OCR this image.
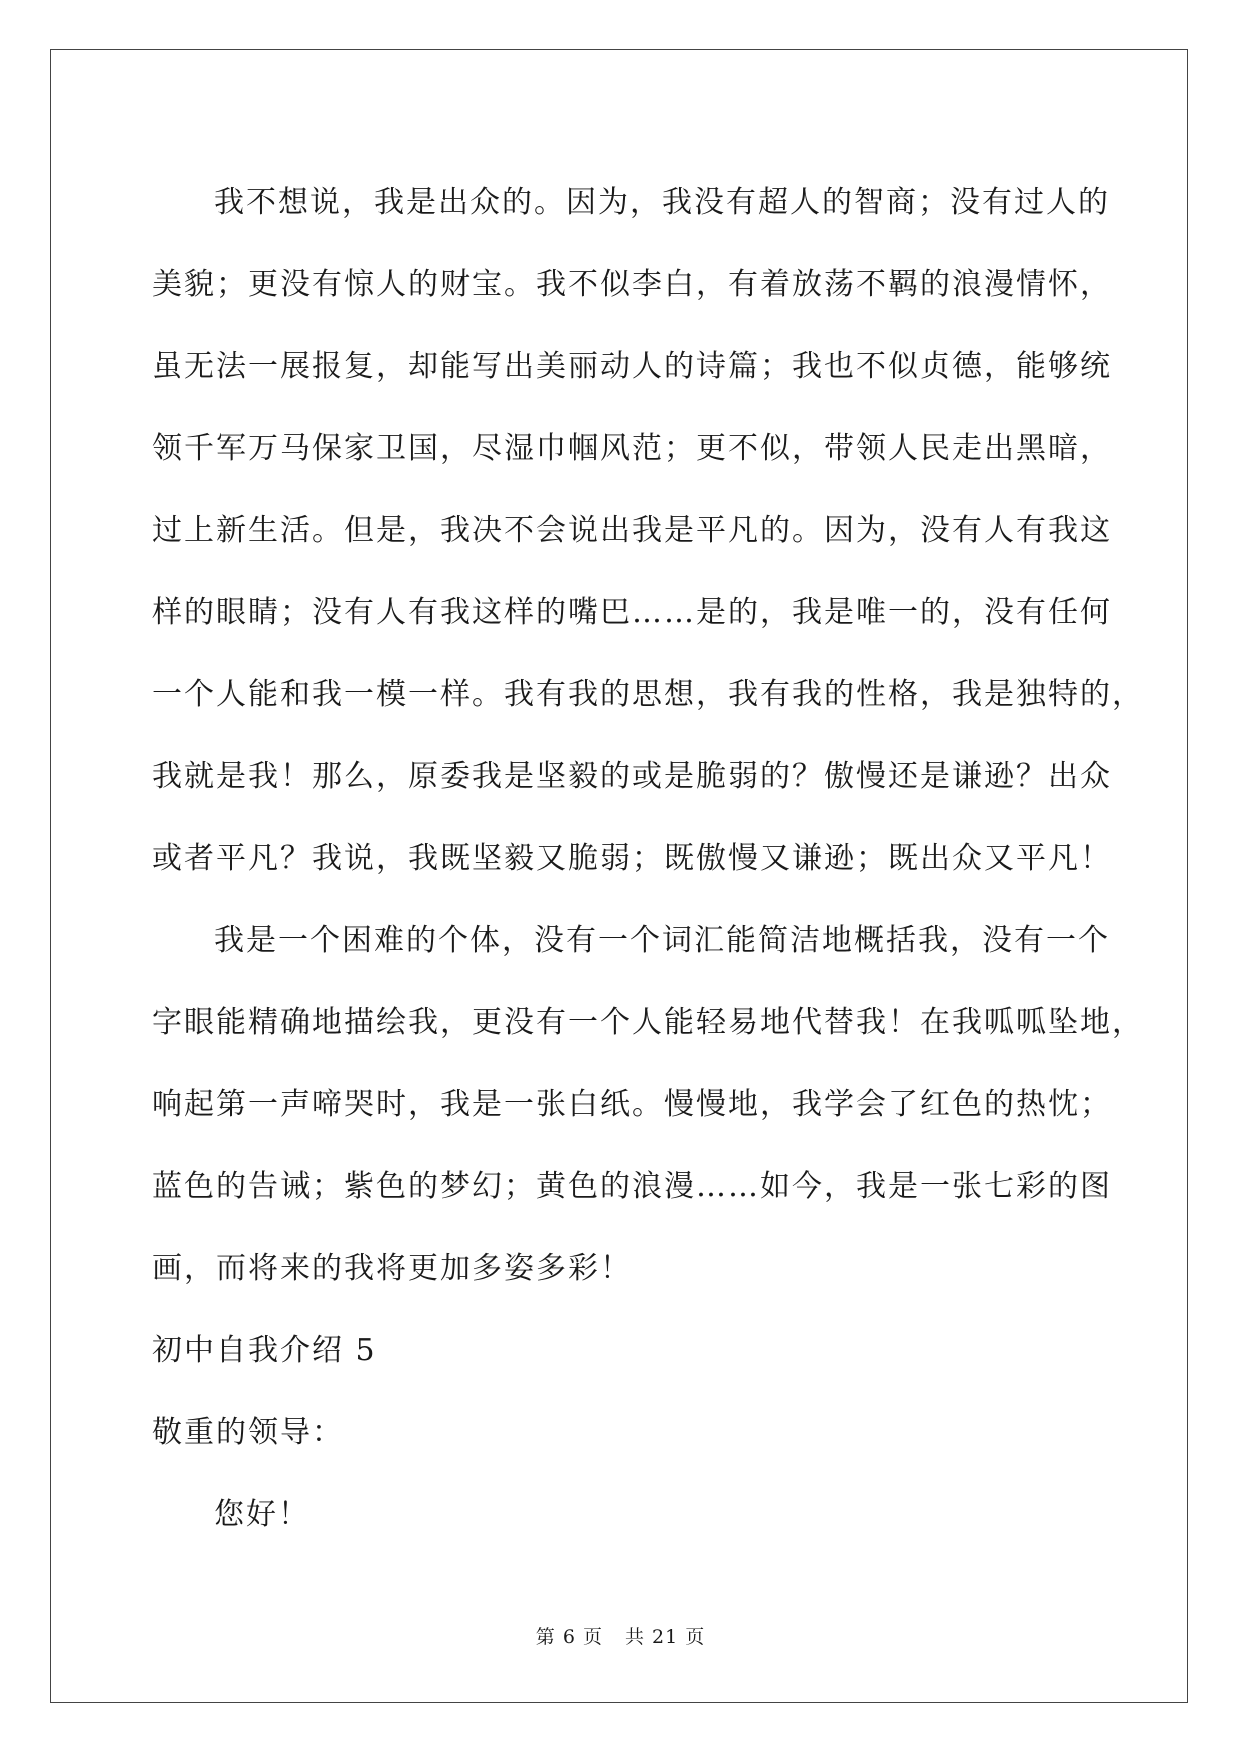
我不想说，我是出众的。因为，我没有超人的智商；没有过人的
美貌；更没有惊人的财宝。我不似李白，有着放荡不羁的浪漫情怀，
虽无法一展报复，却能写出美丽动人的诗篇；我也不似贞德，能够统
领千军万马保家卫国，尽湿巾帼风范；更不似，带领人民走出黑暗，
过上新生活。但是，我决不会说出我是平凡的。因为，没有人有我这
样的眼睛；没有人有我这样的嘴巴……是的，我是唯一的，没有任何
一个人能和我一模一样。我有我的思想，我有我的性格，我是独特的，
我就是我！那么，原委我是坚毅的或是脆弱的？傲慢还是谦逊？出众
或者平凡？我说，我既坚毅又脆弱；既傲慢又谦逊；既出众又平凡！
我是一个困难的个体，没有一个词汇能简洁地概括我，没有一个
字眼能精确地描绘我，更没有一个人能轻易地代替我！在我呱呱坠地，
响起第一声啼哭时，我是一张白纸。慢慢地，我学会了红色的热忱；
蓝色的告诫；紫色的梦幻；黄色的浪漫……如今，我是一张七彩的图
画，而将来的我将更加多姿多彩！
初中自我介绍 5
敬重的领导：
您好！
第 6 页 共 21 页
